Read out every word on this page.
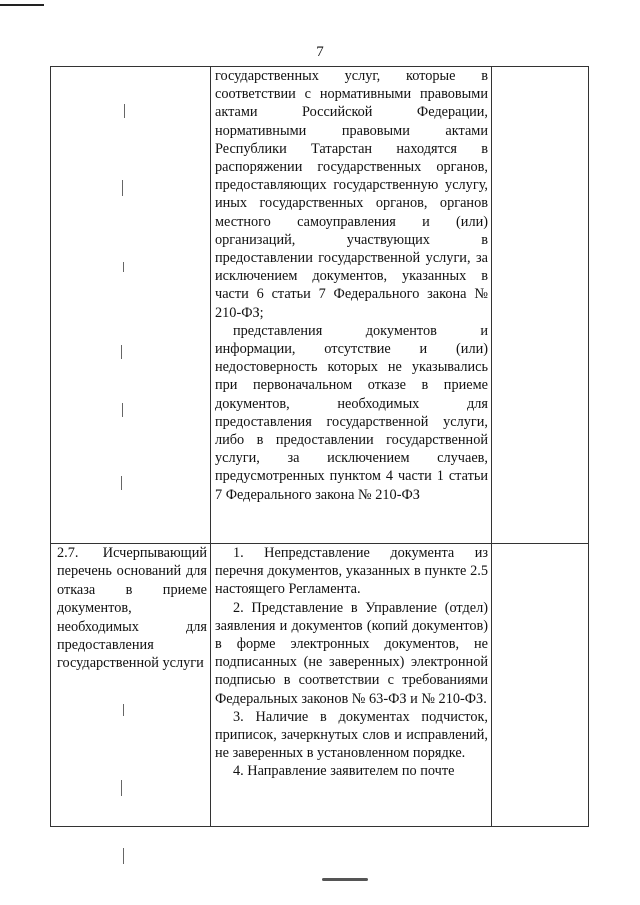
7

	государственных услуг, которые в соответствии с нормативными правовыми актами Российской Федерации, нормативными правовыми актами Республики Татарстан находятся в распоряжении государственных органов, предоставляющих государственную услугу, иных государственных органов, органов местного самоуправления и (или) организаций, участвующих в предоставлении государственной услуги, за исключением документов, указанных в части 6 статьи 7 Федерального закона № 210-ФЗ;

представления документов и информации, отсутствие и (или) недостоверность которых не указывались при первоначальном отказе в приеме документов, необходимых для предоставления государственной услуги, либо в предоставлении государственной услуги, за исключением случаев, предусмотренных пунктом 4 части 1 статьи 7 Федерального закона № 210-ФЗ

2.7. Исчерпывающий перечень оснований для отказа в приеме документов, необходимых для предоставления государственной услуги	1. Непредставление документа из перечня документов, указанных в пункте 2.5 настоящего Регламента.

2. Представление в Управление (отдел) заявления и документов (копий документов) в форме электронных документов, не подписанных (не заверенных) электронной подписью в соответствии с требованиями Федеральных законов № 63-ФЗ и № 210-ФЗ.

3. Наличие в документах подчисток, приписок, зачеркнутых слов и исправлений, не заверенных в установленном порядке.

4. Направление заявителем по почте
